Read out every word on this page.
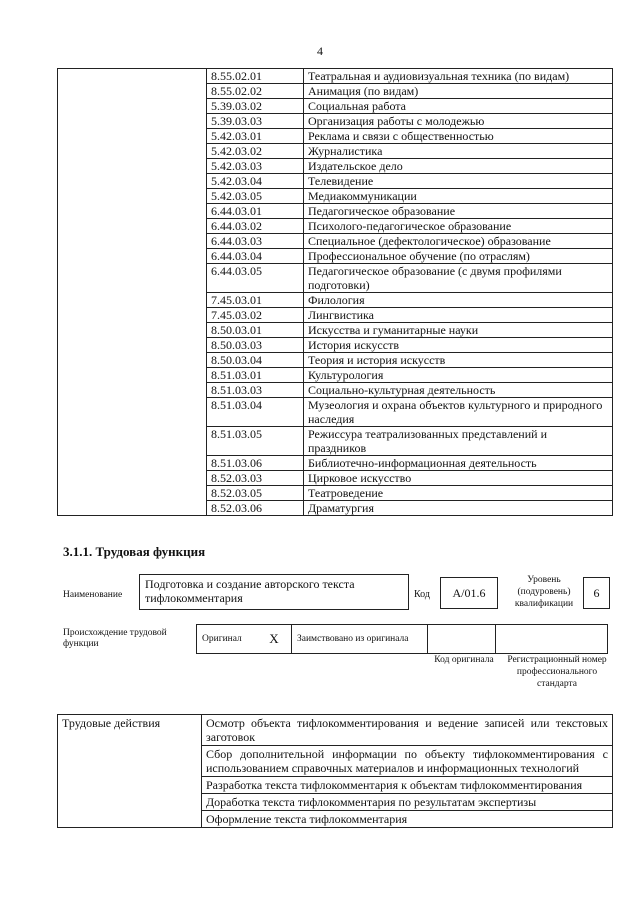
4
	8.55.02.01	Театральная и аудиовизуальная техника (по видам)
	8.55.02.02	Анимация (по видам)
	5.39.03.02	Социальная работа
	5.39.03.03	Организация работы с молодежью
	5.42.03.01	Реклама и связи с общественностью
	5.42.03.02	Журналистика
	5.42.03.03	Издательское дело
	5.42.03.04	Телевидение
	5.42.03.05	Медиакоммуникации
	6.44.03.01	Педагогическое образование
	6.44.03.02	Психолого-педагогическое образование
	6.44.03.03	Специальное (дефектологическое) образование
	6.44.03.04	Профессиональное обучение (по отраслям)
	6.44.03.05	Педагогическое образование (с двумя профилями подготовки)
	7.45.03.01	Филология
	7.45.03.02	Лингвистика
	8.50.03.01	Искусства и гуманитарные науки
	8.50.03.03	История искусств
	8.50.03.04	Теория и история искусств
	8.51.03.01	Культурология
	8.51.03.03	Социально-культурная деятельность
	8.51.03.04	Музеология и охрана объектов культурного и природного наследия
	8.51.03.05	Режиссура театрализованных представлений и праздников
	8.51.03.06	Библиотечно-информационная деятельность
	8.52.03.03	Цирковое искусство
	8.52.03.05	Театроведение
	8.52.03.06	Драматургия
3.1.1. Трудовая функция
Наименование
Подготовка и создание авторского текста тифлокомментария	Код	A/01.6
Уровень (подуровень) квалификации
6
Происхождение трудовой функции	Оригинал	X	Заимствовано из оригинала		
Код оригинала	Регистрационный номер профессионального стандарта
Трудовые действия	Осмотр объекта тифлокомментирования и ведение записей или текстовых заготовок
Сбор дополнительной информации по объекту тифлокомментирования с использованием справочных материалов и информационных технологий
Разработка текста тифлокомментария к объектам тифлокомментирования
Доработка текста тифлокомментария по результатам экспертизы
Оформление текста тифлокомментария
